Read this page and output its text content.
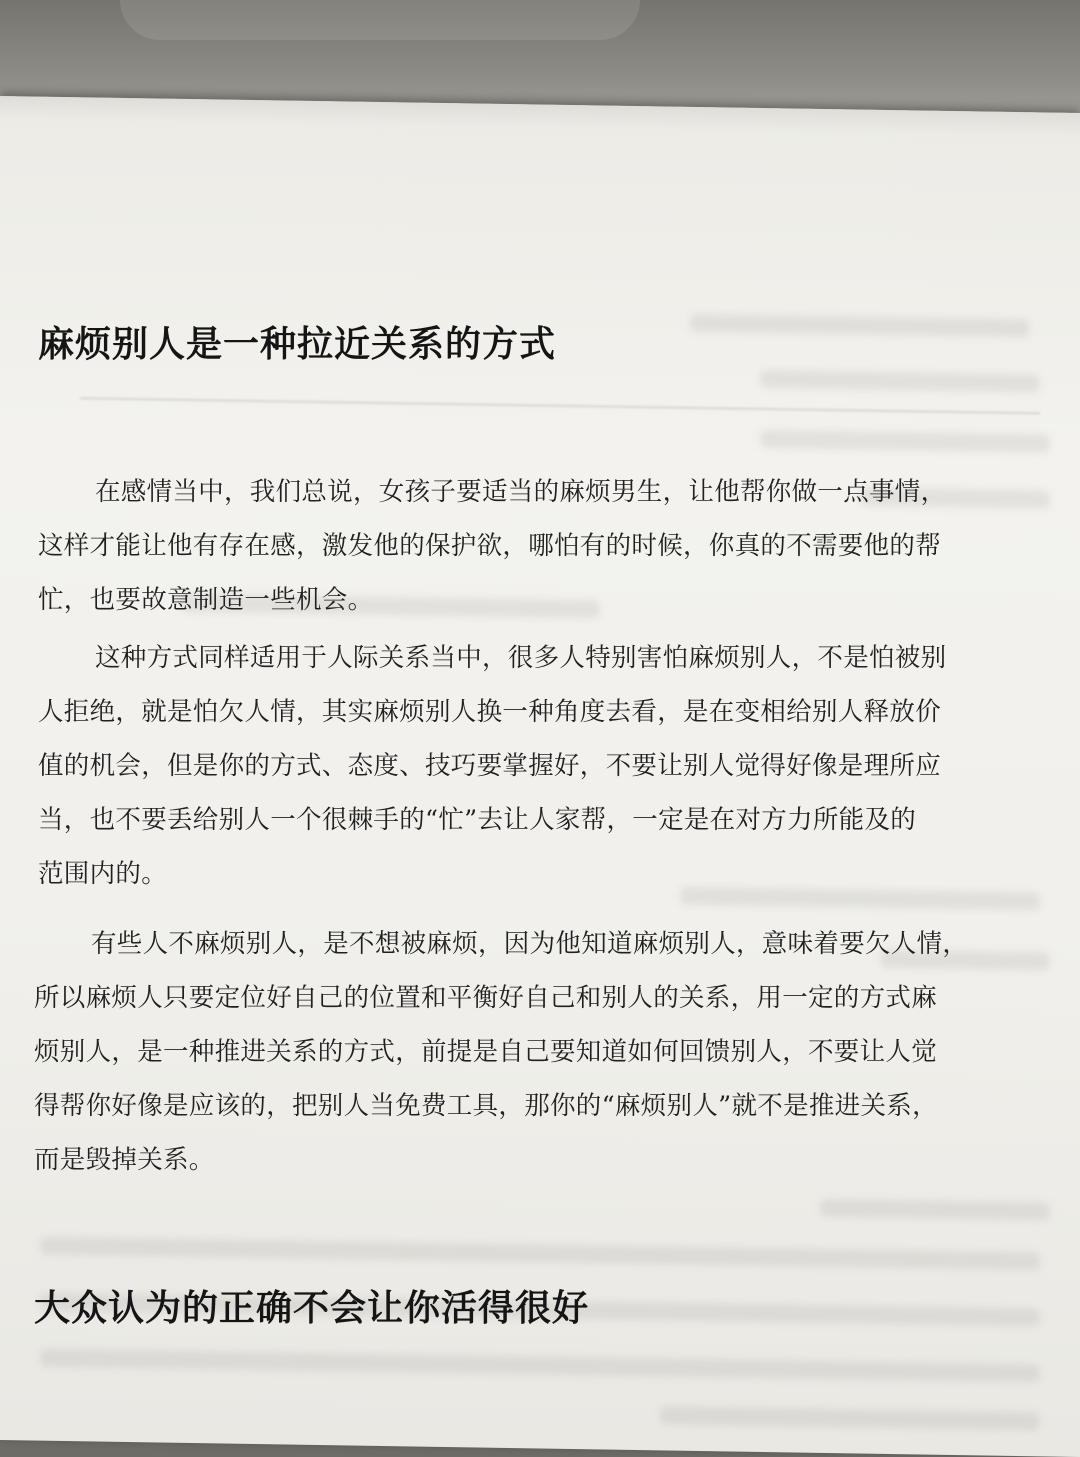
麻烦别人是一种拉近关系的方式

在感情当中，我们总说，女孩子要适当的麻烦男生，让他帮你做一点事情，
这样才能让他有存在感，激发他的保护欲，哪怕有的时候，你真的不需要他的帮
忙，也要故意制造一些机会。

这种方式同样适用于人际关系当中，很多人特别害怕麻烦别人，不是怕被别
人拒绝，就是怕欠人情，其实麻烦别人换一种角度去看，是在变相给别人释放价
值的机会，但是你的方式、态度、技巧要掌握好，不要让别人觉得好像是理所应
当，也不要丢给别人一个很棘手的“忙”去让人家帮，一定是在对方力所能及的
范围内的。

有些人不麻烦别人，是不想被麻烦，因为他知道麻烦别人，意味着要欠人情，
所以麻烦人只要定位好自己的位置和平衡好自己和别人的关系，用一定的方式麻
烦别人，是一种推进关系的方式，前提是自己要知道如何回馈别人，不要让人觉
得帮你好像是应该的，把别人当免费工具，那你的“麻烦别人”就不是推进关系，
而是毁掉关系。

大众认为的正确不会让你活得很好
